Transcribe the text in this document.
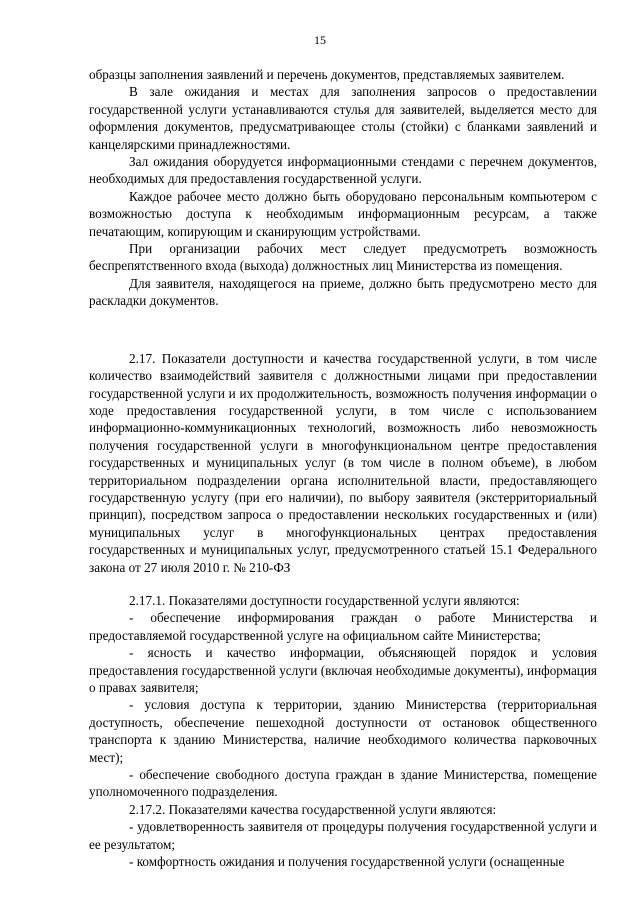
15

образцы заполнения заявлений и перечень документов, представляемых заявителем.

В зале ожидания и местах для заполнения запросов о предоставлении государственной услуги устанавливаются стулья для заявителей, выделяется место для оформления документов, предусматривающее столы (стойки) с бланками заявлений и канцелярскими принадлежностями.

Зал ожидания оборудуется информационными стендами с перечнем документов, необходимых для предоставления государственной услуги.

Каждое рабочее место должно быть оборудовано персональным компьютером с возможностью доступа к необходимым информационным ресурсам, а также печатающим, копирующим и сканирующим устройствами.

При организации рабочих мест следует предусмотреть возможность беспрепятственного входа (выхода) должностных лиц Министерства из помещения.

Для заявителя, находящегося на приеме, должно быть предусмотрено место для раскладки документов.

2.17. Показатели доступности и качества государственной услуги, в том числе количество взаимодействий заявителя с должностными лицами при предоставлении государственной услуги и их продолжительность, возможность получения информации о ходе предоставления государственной услуги, в том числе с использованием информационно-коммуникационных технологий, возможность либо невозможность получения государственной услуги в многофункциональном центре предоставления государственных и муниципальных услуг (в том числе в полном объеме), в любом территориальном подразделении органа исполнительной власти, предоставляющего государственную услугу (при его наличии), по выбору заявителя (экстерриториальный принцип), посредством запроса о предоставлении нескольких государственных и (или) муниципальных услуг в многофункциональных центрах предоставления государственных и муниципальных услуг, предусмотренного статьей 15.1 Федерального закона от 27 июля 2010 г. № 210-ФЗ

2.17.1. Показателями доступности государственной услуги являются:

- обеспечение информирования граждан о работе Министерства и предоставляемой государственной услуге на официальном сайте Министерства;

- ясность и качество информации, объясняющей порядок и условия предоставления государственной услуги (включая необходимые документы), информация о правах заявителя;

- условия доступа к территории, зданию Министерства (территориальная доступность, обеспечение пешеходной доступности от остановок общественного транспорта к зданию Министерства, наличие необходимого количества парковочных мест);

- обеспечение свободного доступа граждан в здание Министерства, помещение уполномоченного подразделения.

2.17.2. Показателями качества государственной услуги являются:

- удовлетворенность заявителя от процедуры получения государственной услуги и ее результатом;

- комфортность ожидания и получения государственной услуги (оснащенные
